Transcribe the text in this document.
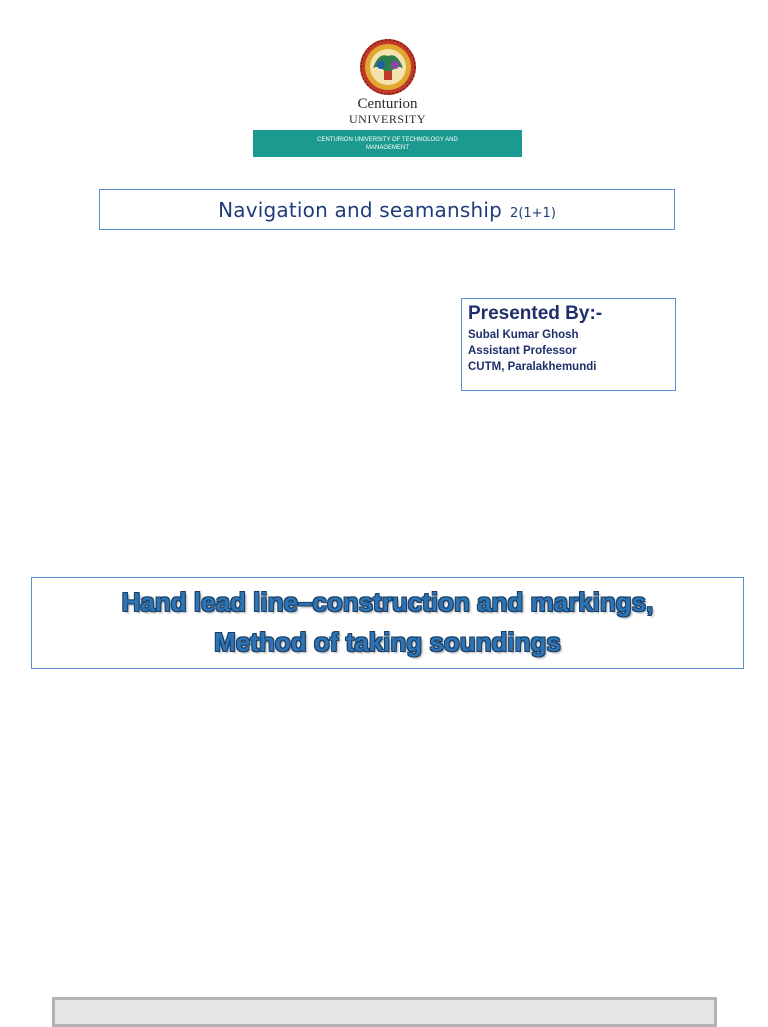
Centurion
UNIVERSITY
CENTURION UNIVERSITY OF TECHNOLOGY AND
MANAGEMENT
Navigation and seamanship 2(1+1)
Presented By:-
Subal Kumar Ghosh
Assistant Professor
CUTM, Paralakhemundi
Hand lead line–construction and markings,
Method of taking soundings
